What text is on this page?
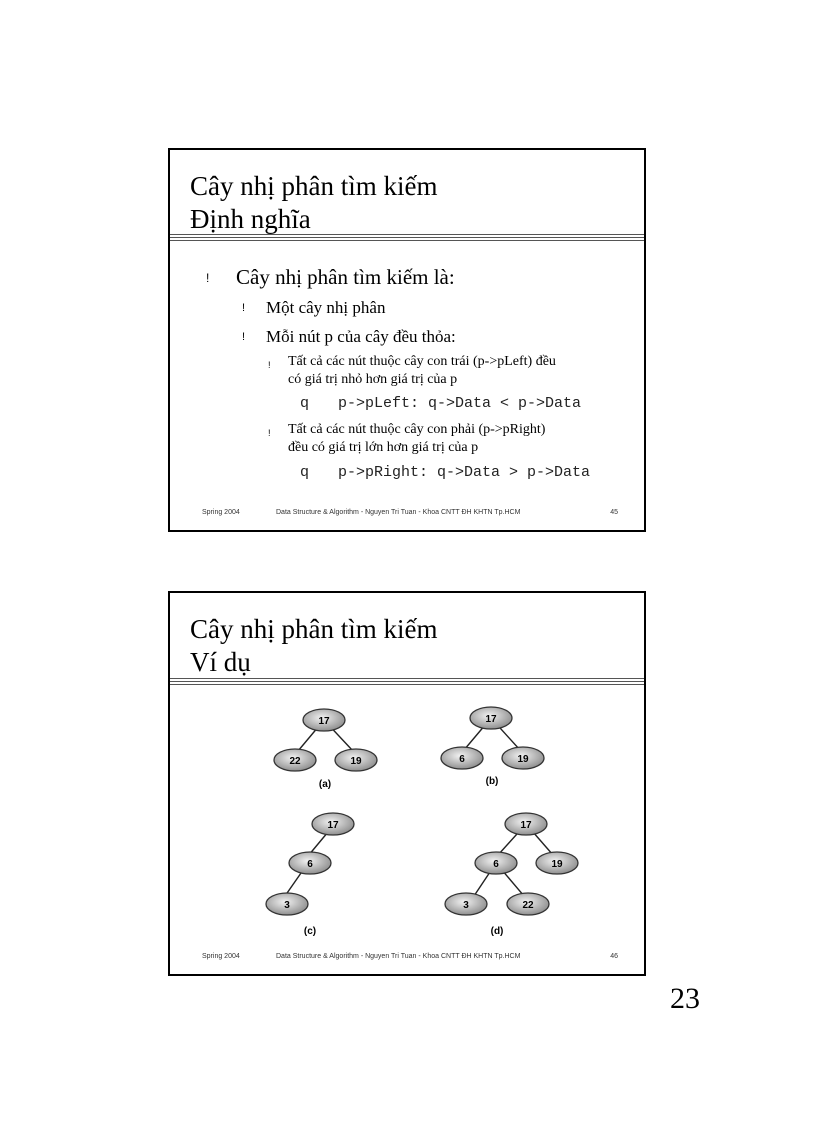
Cây nhị phân tìm kiếm
Định nghĩa
! Cây nhị phân tìm kiếm là:
! Một cây nhị phân
! Mỗi nút p của cây đều thỏa:
! Tất cả các nút thuộc cây con trái (p->pLeft) đều
có giá trị nhỏ hơn giá trị của p
q p->pLeft: q->Data < p->Data
! Tất cả các nút thuộc cây con phải (p->pRight)
đều có giá trị lớn hơn giá trị của p
q p->pRight: q->Data > p->Data
Spring 2004	Data Structure & Algorithm - Nguyen Tri Tuan - Khoa CNTT ĐH KHTN Tp.HCM	45
Cây nhị phân tìm kiếm
Ví dụ
17
22	19
(a)
17
6	19
(b)
17
6
3
(c)
17
6	19
3	22
(d)
Spring 2004	Data Structure & Algorithm - Nguyen Tri Tuan - Khoa CNTT ĐH KHTN Tp.HCM	46
23
